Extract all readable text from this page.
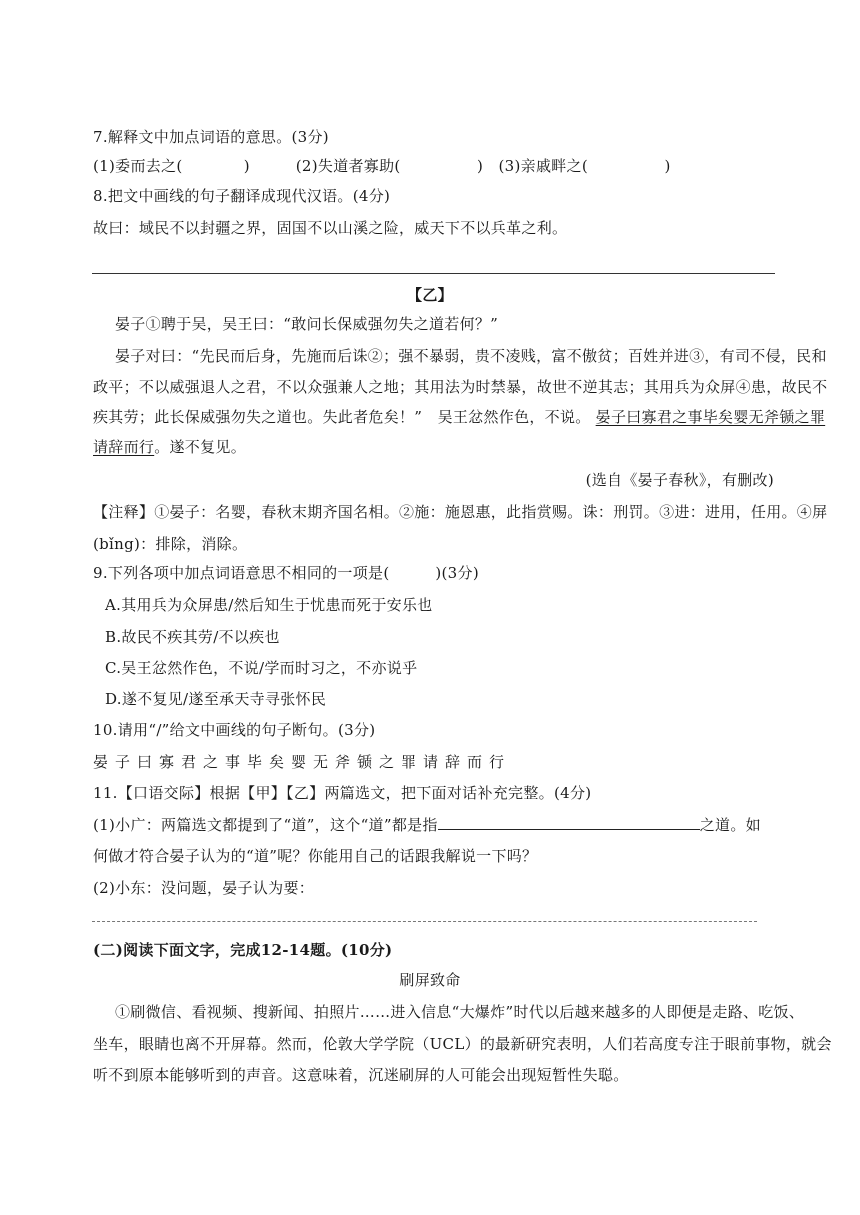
7.解释文中加点词语的意思。(3分)
(1)委而去之(　　　　)　　　(2)失道者寡助(　　　　　)　(3)亲戚畔之(　　　　　)
8.把文中画线的句子翻译成现代汉语。(4分)
故曰：域民不以封疆之界，固国不以山溪之险，威天下不以兵革之利。
【乙】
晏子①聘于吴，吴王曰：“敢问长保威强勿失之道若何？”
晏子对曰：“先民而后身，先施而后诛②；强不暴弱，贵不凌贱，富不傲贫；百姓并进③，有司不侵，民和
政平；不以威强退人之君，不以众强兼人之地；其用法为时禁暴，故世不逆其志；其用兵为众屏④患，故民不
疾其劳；此长保威强勿失之道也。失此者危矣！”　吴王忿然作色，不说。 晏子曰寡君之事毕矣婴无斧锧之罪
请辞而行。遂不复见。
(选自《晏子春秋》，有删改)
【注释】①晏子：名婴，春秋末期齐国名相。②施：施恩惠，此指赏赐。诛：刑罚。③进：进用，任用。④屏
(bǐng)：排除，消除。
9.下列各项中加点词语意思不相同的一项是(　　　)(3分)
A.其用兵为众屏患/然后知生于忧患而死于安乐也
B.故民不疾其劳/不以疾也
C.吴王忿然作色，不说/学而时习之，不亦说乎
D.遂不复见/遂至承天寺寻张怀民
10.请用“/”给文中画线的句子断句。(3分)
晏子曰寡君之事毕矣婴无斧锧之罪请辞而行
11.【口语交际】根据【甲】【乙】两篇选文，把下面对话补充完整。(4分)
(1)小广：两篇选文都提到了“道”，这个“道”都是指	之道。如
何做才符合晏子认为的“道”呢？你能用自己的话跟我解说一下吗？
(2)小东：没问题，晏子认为要：
(二)阅读下面文字，完成12-14题。(10分)
刷屏致命
①刷微信、看视频、搜新闻、拍照片……进入信息“大爆炸”时代以后越来越多的人即便是走路、吃饭、
坐车，眼睛也离不开屏幕。然而，伦敦大学学院（UCL）的最新研究表明，人们若高度专注于眼前事物，就会
听不到原本能够听到的声音。这意味着，沉迷刷屏的人可能会出现短暂性失聪。
